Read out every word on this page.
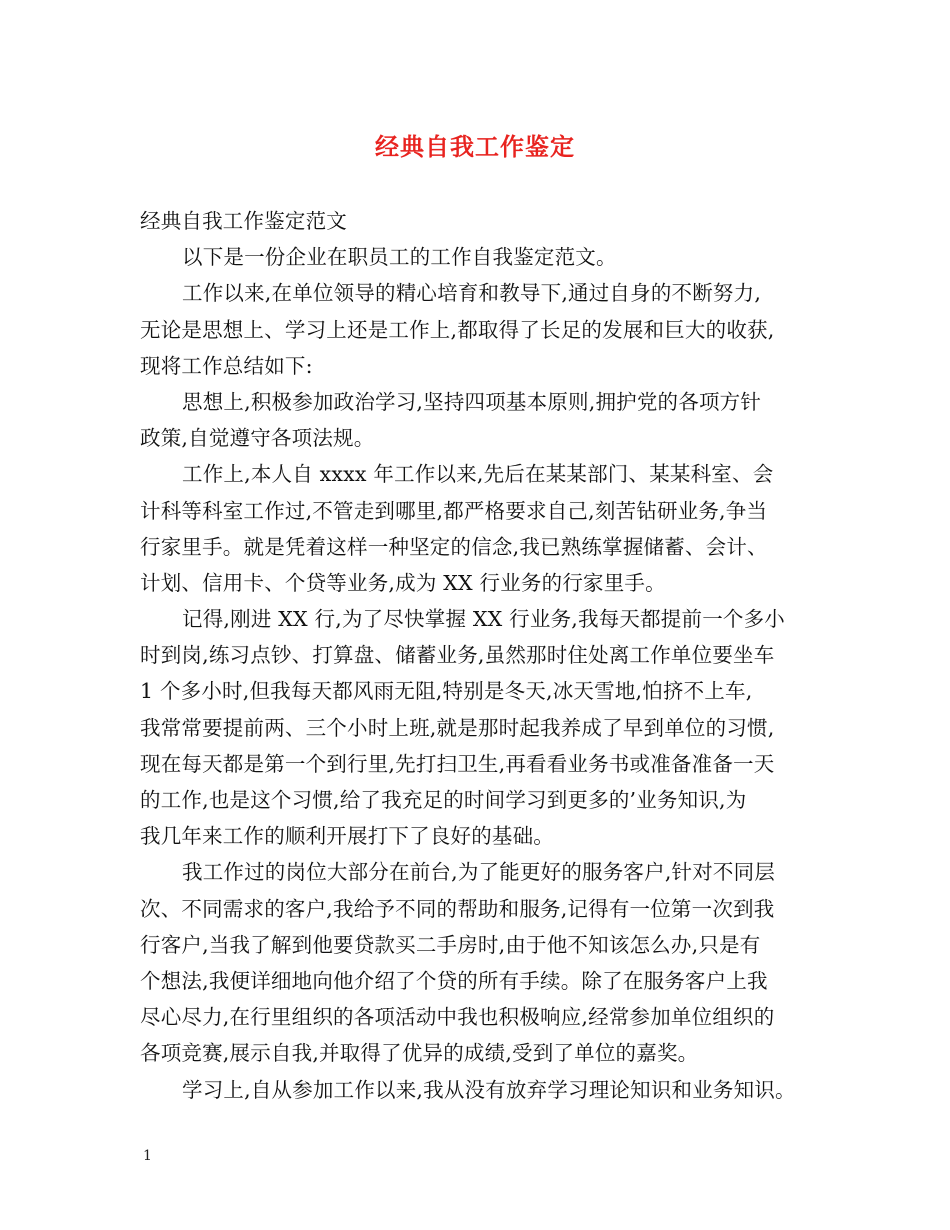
经典自我工作鉴定
经典自我工作鉴定范文
以下是一份企业在职员工的工作自我鉴定范文。
工作以来,在单位领导的精心培育和教导下,通过自身的不断努力,
无论是思想上、学习上还是工作上,都取得了长足的发展和巨大的收获,
现将工作总结如下:
思想上,积极参加政治学习,坚持四项基本原则,拥护党的各项方针
政策,自觉遵守各项法规。
工作上,本人自 xxxx 年工作以来,先后在某某部门、某某科室、会
计科等科室工作过,不管走到哪里,都严格要求自己,刻苦钻研业务,争当
行家里手。就是凭着这样一种坚定的信念,我已熟练掌握储蓄、会计、
计划、信用卡、个贷等业务,成为 XX 行业务的行家里手。
记得,刚进 XX 行,为了尽快掌握 XX 行业务,我每天都提前一个多小
时到岗,练习点钞、打算盘、储蓄业务,虽然那时住处离工作单位要坐车
1 个多小时,但我每天都风雨无阻,特别是冬天,冰天雪地,怕挤不上车,
我常常要提前两、三个小时上班,就是那时起我养成了早到单位的习惯,
现在每天都是第一个到行里,先打扫卫生,再看看业务书或准备准备一天
的工作,也是这个习惯,给了我充足的时间学习到更多的’业务知识,为
我几年来工作的顺利开展打下了良好的基础。
我工作过的岗位大部分在前台,为了能更好的服务客户,针对不同层
次、不同需求的客户,我给予不同的帮助和服务,记得有一位第一次到我
行客户,当我了解到他要贷款买二手房时,由于他不知该怎么办,只是有
个想法,我便详细地向他介绍了个贷的所有手续。除了在服务客户上我
尽心尽力,在行里组织的各项活动中我也积极响应,经常参加单位组织的
各项竞赛,展示自我,并取得了优异的成绩,受到了单位的嘉奖。
学习上,自从参加工作以来,我从没有放弃学习理论知识和业务知识。
1
